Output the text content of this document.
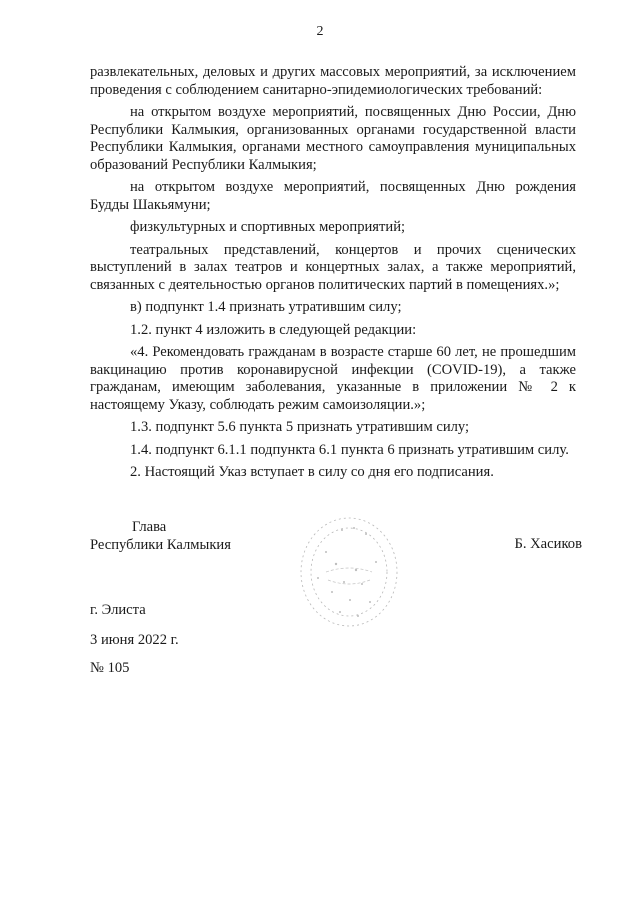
2

развлекательных, деловых и других массовых мероприятий, за исключением проведения с соблюдением санитарно-эпидемиологических требований:

на открытом воздухе мероприятий, посвященных Дню России, Дню Республики Калмыкия, организованных органами государственной власти Республики Калмыкия, органами местного самоуправления муниципальных образований Республики Калмыкия;

на открытом воздухе мероприятий, посвященных Дню рождения Будды Шакьямуни;

физкультурных и спортивных мероприятий;

театральных представлений, концертов и прочих сценических выступлений в залах театров и концертных залах, а также мероприятий, связанных с деятельностью органов политических партий в помещениях.»;

в) подпункт 1.4 признать утратившим силу;

1.2. пункт 4 изложить в следующей редакции:

«4. Рекомендовать гражданам в возрасте старше 60 лет, не прошедшим вакцинацию против коронавирусной инфекции (COVID-19), а также гражданам, имеющим заболевания, указанные в приложении № 2 к настоящему Указу, соблюдать режим самоизоляции.»;

1.3. подпункт 5.6 пункта 5 признать утратившим силу;

1.4. подпункт 6.1.1 подпункта 6.1 пункта 6 признать утратившим силу.

2. Настоящий Указ вступает в силу со дня его подписания.

Глава
Республики Калмыкия	Б. Хасиков
г. Элиста
3 июня 2022 г.
№ 105
